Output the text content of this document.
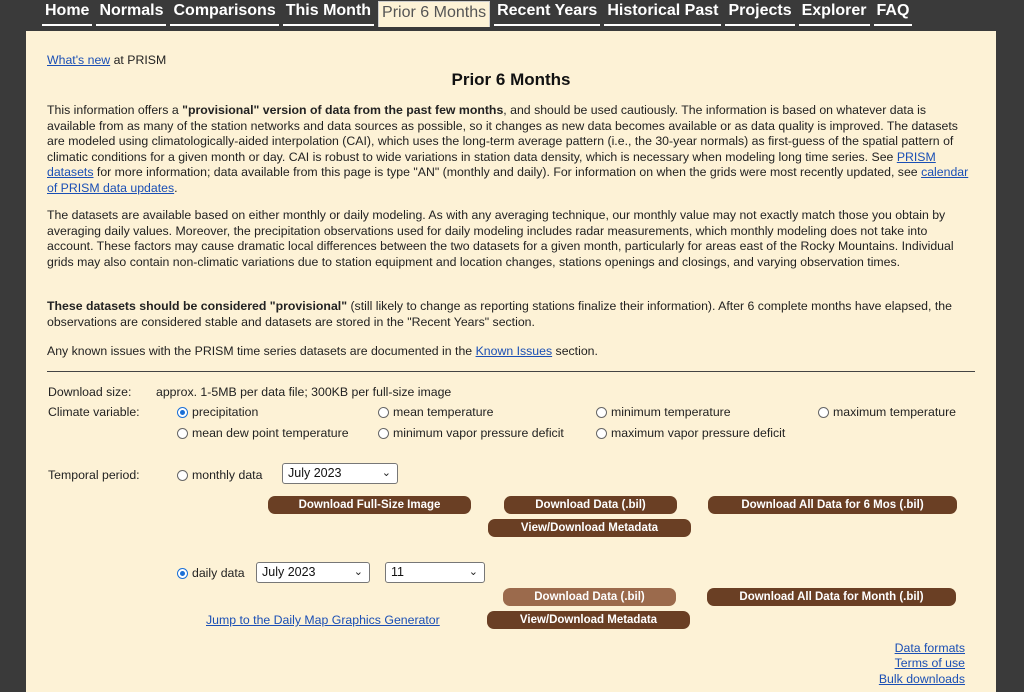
Home Normals Comparisons This Month Prior 6 Months Recent Years Historical Past Projects Explorer FAQ
What's new at PRISM
Prior 6 Months
This information offers a "provisional" version of data from the past few months, and should be used cautiously. The information is based on whatever data is available from as many of the station networks and data sources as possible, so it changes as new data becomes available or as data quality is improved. The datasets are modeled using climatologically-aided interpolation (CAI), which uses the long-term average pattern (i.e., the 30-year normals) as first-guess of the spatial pattern of climatic conditions for a given month or day. CAI is robust to wide variations in station data density, which is necessary when modeling long time series. See PRISM datasets for more information; data available from this page is type "AN" (monthly and daily). For information on when the grids were most recently updated, see calendar of PRISM data updates.
The datasets are available based on either monthly or daily modeling. As with any averaging technique, our monthly value may not exactly match those you obtain by averaging daily values. Moreover, the precipitation observations used for daily modeling includes radar measurements, which monthly modeling does not take into account. These factors may cause dramatic local differences between the two datasets for a given month, particularly for areas east of the Rocky Mountains. Individual grids may also contain non-climatic variations due to station equipment and location changes, stations openings and closings, and varying observation times.
These datasets should be considered "provisional" (still likely to change as reporting stations finalize their information). After 6 complete months have elapsed, the observations are considered stable and datasets are stored in the "Recent Years" section.
Any known issues with the PRISM time series datasets are documented in the Known Issues section.
Download size: approx. 1-5MB per data file; 300KB per full-size image
Climate variable:	precipitation	mean temperature	minimum temperature	maximum temperature
mean dew point temperature	minimum vapor pressure deficit	maximum vapor pressure deficit
Temporal period:	monthly data	July 2023	⌄
Download Full-Size Image	Download Data (.bil)	Download All Data for 6 Mos (.bil)
View/Download Metadata
daily data	July 2023	⌄	11	⌄
Download Data (.bil)	Download All Data for Month (.bil)
Jump to the Daily Map Graphics Generator	View/Download Metadata
Data formats
Terms of use
Bulk downloads
